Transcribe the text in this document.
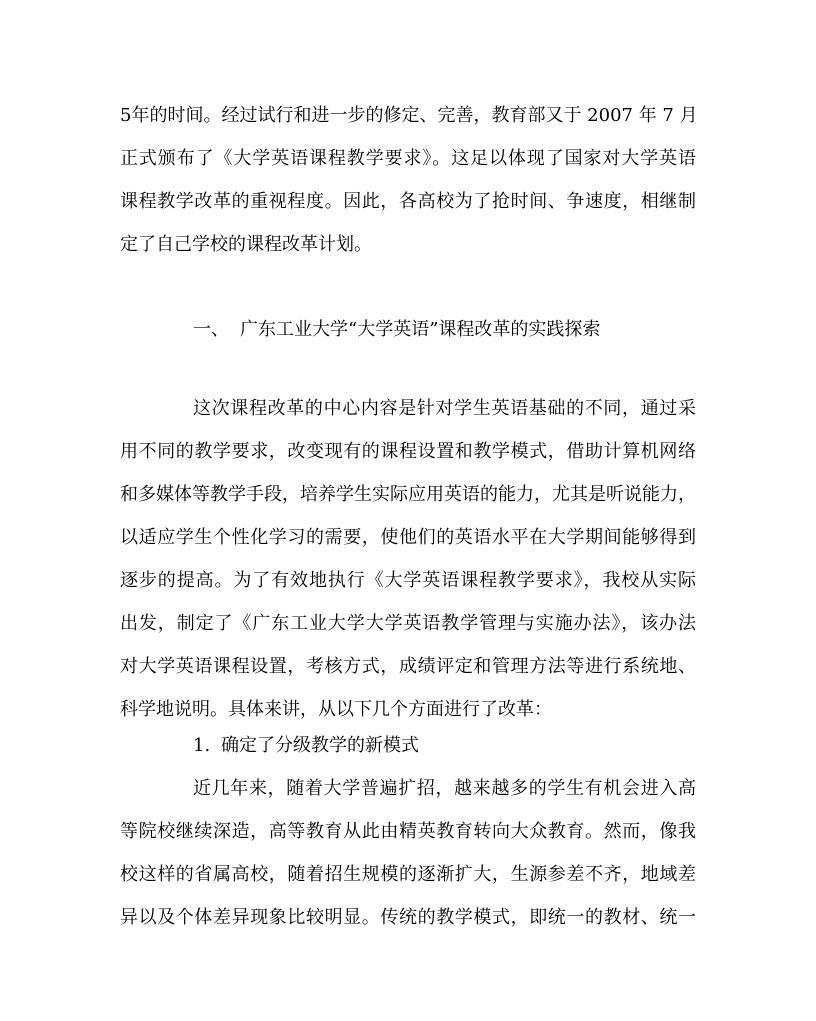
5年的时间。经过试行和进一步的修定、完善，教育部又于 2007 年 7 月
正式颁布了《大学英语课程教学要求》。这足以体现了国家对大学英语
课程教学改革的重视程度。因此，各高校为了抢时间、争速度，相继制
定了自己学校的课程改革计划。
一、 广东工业大学“大学英语”课程改革的实践探索
这次课程改革的中心内容是针对学生英语基础的不同，通过采
用不同的教学要求，改变现有的课程设置和教学模式，借助计算机网络
和多媒体等教学手段，培养学生实际应用英语的能力，尤其是听说能力，
以适应学生个性化学习的需要，使他们的英语水平在大学期间能够得到
逐步的提高。为了有效地执行《大学英语课程教学要求》，我校从实际
出发，制定了《广东工业大学大学英语教学管理与实施办法》，该办法
对大学英语课程设置，考核方式，成绩评定和管理方法等进行系统地、
科学地说明。具体来讲，从以下几个方面进行了改革：
1. 确定了分级教学的新模式
近几年来，随着大学普遍扩招，越来越多的学生有机会进入高
等院校继续深造，高等教育从此由精英教育转向大众教育。然而，像我
校这样的省属高校，随着招生规模的逐渐扩大，生源参差不齐，地域差
异以及个体差异现象比较明显。传统的教学模式，即统一的教材、统一
